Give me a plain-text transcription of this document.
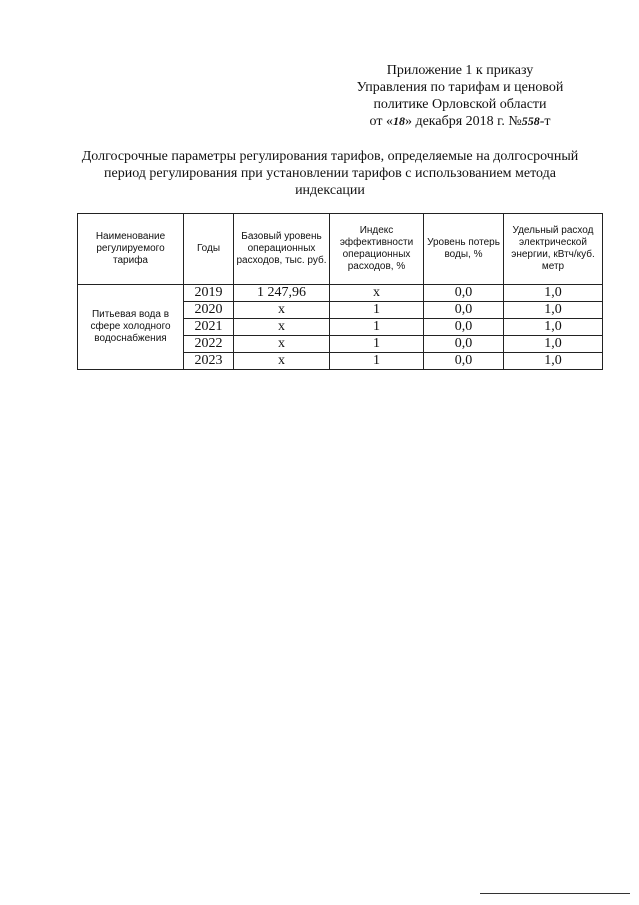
Приложение 1 к приказу
Управления по тарифам и ценовой
политике Орловской области
от «18» декабря 2018 г. №558-т
Долгосрочные параметры регулирования тарифов, определяемые на долгосрочный
период регулирования при установлении тарифов с использованием метода
индексации
Наименование регулируемого тарифа	Годы	Базовый уровень операционных расходов, тыс. руб.	Индекс эффективности операционных расходов, %	Уровень потерь воды, %	Удельный расход электрической энергии, кВтч/куб. метр
Питьевая вода в сфере холодного водоснабжения	2019	1 247,96	х	0,0	1,0
	2020	х	1	0,0	1,0
	2021	х	1	0,0	1,0
	2022	х	1	0,0	1,0
	2023	х	1	0,0	1,0
